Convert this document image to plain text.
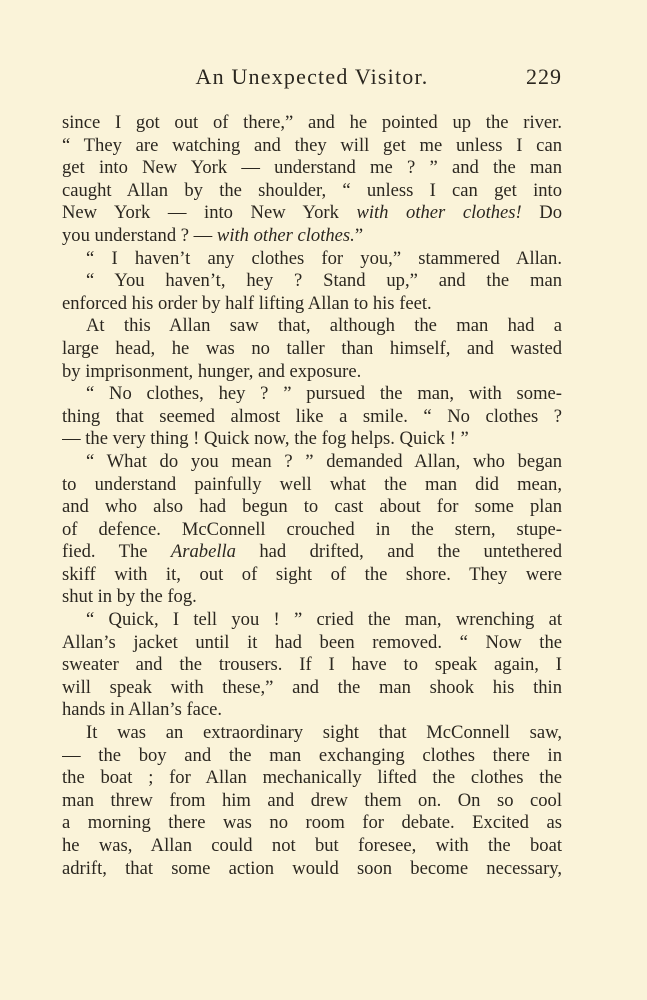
An Unexpected Visitor.	229
since I got out of there,” and he pointed up the river.
“ They are watching and they will get me unless I can
get into New York — understand me ? ” and the man
caught Allan by the shoulder, “ unless I can get into
New York — into New York with other clothes! Do
you understand ? — with other clothes.”
“ I haven’t any clothes for you,” stammered Allan.
“ You haven’t, hey ? Stand up,” and the man
enforced his order by half lifting Allan to his feet.
At this Allan saw that, although the man had a
large head, he was no taller than himself, and wasted
by imprisonment, hunger, and exposure.
“ No clothes, hey ? ” pursued the man, with some-
thing that seemed almost like a smile. “ No clothes ?
— the very thing ! Quick now, the fog helps. Quick ! ”
“ What do you mean ? ” demanded Allan, who began
to understand painfully well what the man did mean,
and who also had begun to cast about for some plan
of defence. McConnell crouched in the stern, stupe-
fied. The Arabella had drifted, and the untethered
skiff with it, out of sight of the shore. They were
shut in by the fog.
“ Quick, I tell you ! ” cried the man, wrenching at
Allan’s jacket until it had been removed. “ Now the
sweater and the trousers. If I have to speak again, I
will speak with these,” and the man shook his thin
hands in Allan’s face.
It was an extraordinary sight that McConnell saw,
— the boy and the man exchanging clothes there in
the boat ; for Allan mechanically lifted the clothes the
man threw from him and drew them on. On so cool
a morning there was no room for debate. Excited as
he was, Allan could not but foresee, with the boat
adrift, that some action would soon become necessary,
